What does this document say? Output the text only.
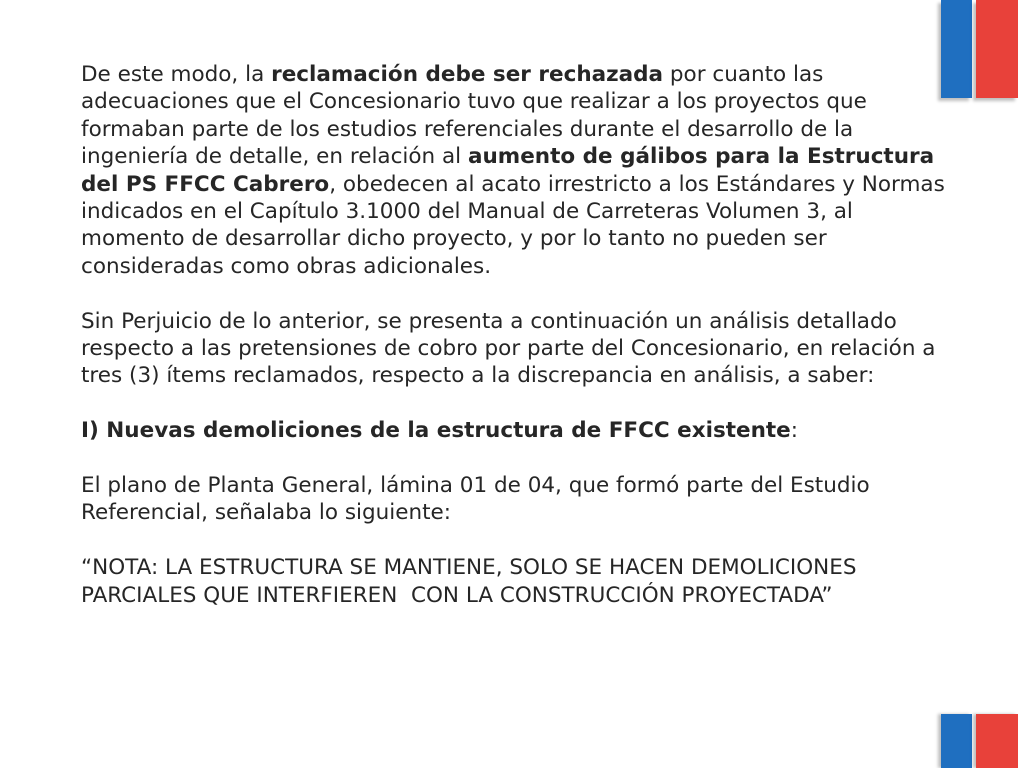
De este modo, la reclamación debe ser rechazada por cuanto las adecuaciones que el Concesionario tuvo que realizar a los proyectos que formaban parte de los estudios referenciales durante el desarrollo de la ingeniería de detalle, en relación al aumento de gálibos para la Estructura del PS FFCC Cabrero, obedecen al acato irrestricto a los Estándares y Normas indicados en el Capítulo 3.1000 del Manual de Carreteras Volumen 3, al momento de desarrollar dicho proyecto, y por lo tanto no pueden ser consideradas como obras adicionales.

Sin Perjuicio de lo anterior, se presenta a continuación un análisis detallado respecto a las pretensiones de cobro por parte del Concesionario, en relación a tres (3) ítems reclamados, respecto a la discrepancia en análisis, a saber:

I) Nuevas demoliciones de la estructura de FFCC existente:

El plano de Planta General, lámina 01 de 04, que formó parte del Estudio Referencial, señalaba lo siguiente:

“NOTA: LA ESTRUCTURA SE MANTIENE, SOLO SE HACEN DEMOLICIONES PARCIALES QUE INTERFIEREN  CON LA CONSTRUCCIÓN PROYECTADA”
